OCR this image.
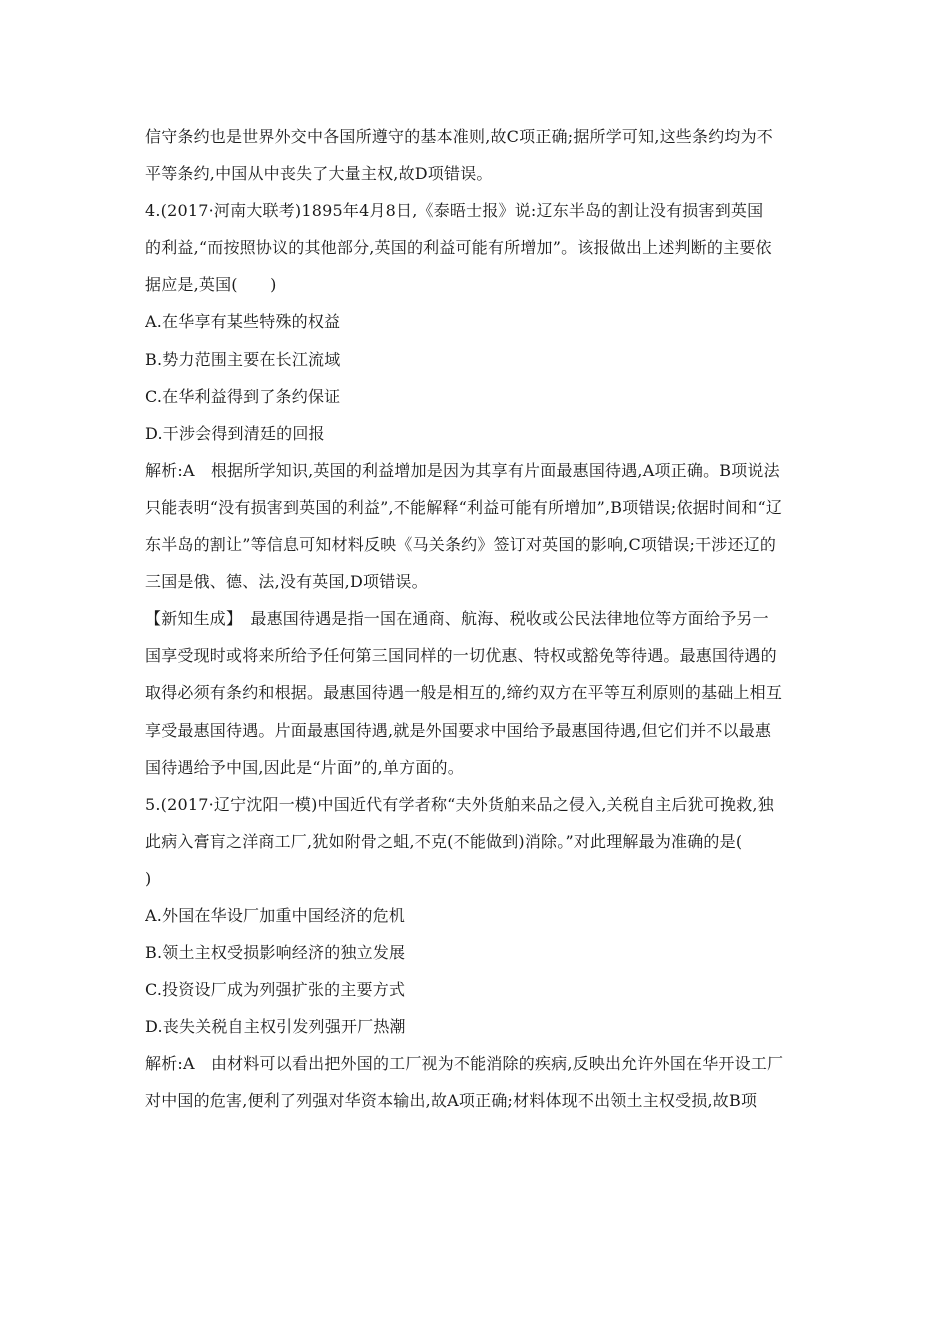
信守条约也是世界外交中各国所遵守的基本准则,故C项正确;据所学可知,这些条约均为不
平等条约,中国从中丧失了大量主权,故D项错误。
4.(2017·河南大联考)1895年4月8日,《泰晤士报》说:辽东半岛的割让没有损害到英国
的利益,“而按照协议的其他部分,英国的利益可能有所增加”。该报做出上述判断的主要依
据应是,英国(　　)
A.在华享有某些特殊的权益
B.势力范围主要在长江流域
C.在华利益得到了条约保证
D.干涉会得到清廷的回报
解析:A　根据所学知识,英国的利益增加是因为其享有片面最惠国待遇,A项正确。B项说法
只能表明“没有损害到英国的利益”,不能解释“利益可能有所增加”,B项错误;依据时间和“辽
东半岛的割让”等信息可知材料反映《马关条约》签订对英国的影响,C项错误;干涉还辽的
三国是俄、德、法,没有英国,D项错误。
【新知生成】　最惠国待遇是指一国在通商、航海、税收或公民法律地位等方面给予另一
国享受现时或将来所给予任何第三国同样的一切优惠、特权或豁免等待遇。最惠国待遇的
取得必须有条约和根据。最惠国待遇一般是相互的,缔约双方在平等互利原则的基础上相互
享受最惠国待遇。片面最惠国待遇,就是外国要求中国给予最惠国待遇,但它们并不以最惠
国待遇给予中国,因此是“片面”的,单方面的。
5.(2017·辽宁沈阳一模)中国近代有学者称“夫外货舶来品之侵入,关税自主后犹可挽救,独
此病入膏肓之洋商工厂,犹如附骨之蛆,不克(不能做到)消除。”对此理解最为准确的是(
)
A.外国在华设厂加重中国经济的危机
B.领土主权受损影响经济的独立发展
C.投资设厂成为列强扩张的主要方式
D.丧失关税自主权引发列强开厂热潮
解析:A　由材料可以看出把外国的工厂视为不能消除的疾病,反映出允许外国在华开设工厂
对中国的危害,便利了列强对华资本输出,故A项正确;材料体现不出领土主权受损,故B项
